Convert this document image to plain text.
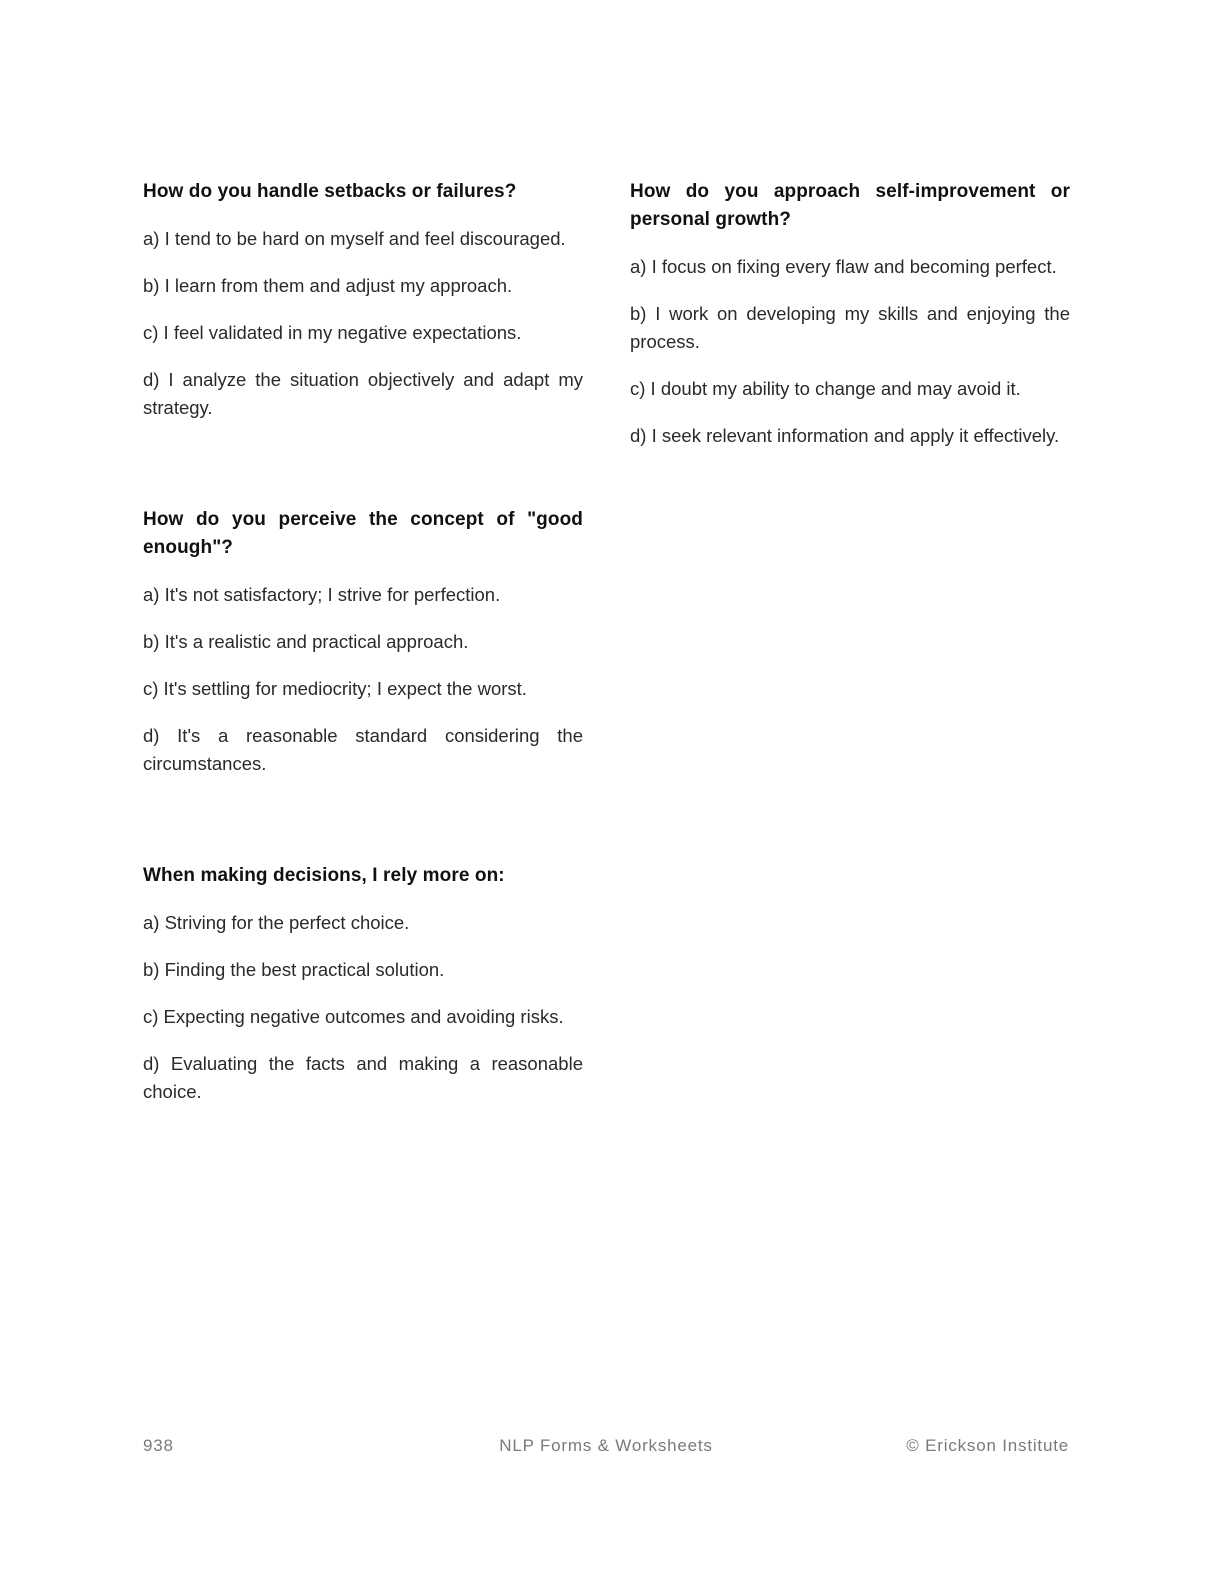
How do you handle setbacks or failures?
a) I tend to be hard on myself and feel discouraged.
b) I learn from them and adjust my approach.
c) I feel validated in my negative expectations.
d) I analyze the situation objectively and adapt my strategy.
How do you perceive the concept of "good enough"?
a) It's not satisfactory; I strive for perfection.
b) It's a realistic and practical approach.
c) It's settling for mediocrity; I expect the worst.
d) It's a reasonable standard considering the circumstances.
When making decisions, I rely more on:
a) Striving for the perfect choice.
b) Finding the best practical solution.
c) Expecting negative outcomes and avoiding risks.
d) Evaluating the facts and making a reasonable choice.
How do you approach self-improvement or personal growth?
a) I focus on fixing every flaw and becoming perfect.
b) I work on developing my skills and enjoying the process.
c) I doubt my ability to change and may avoid it.
d) I seek relevant information and apply it effectively.
938	NLP Forms & Worksheets	© Erickson Institute
